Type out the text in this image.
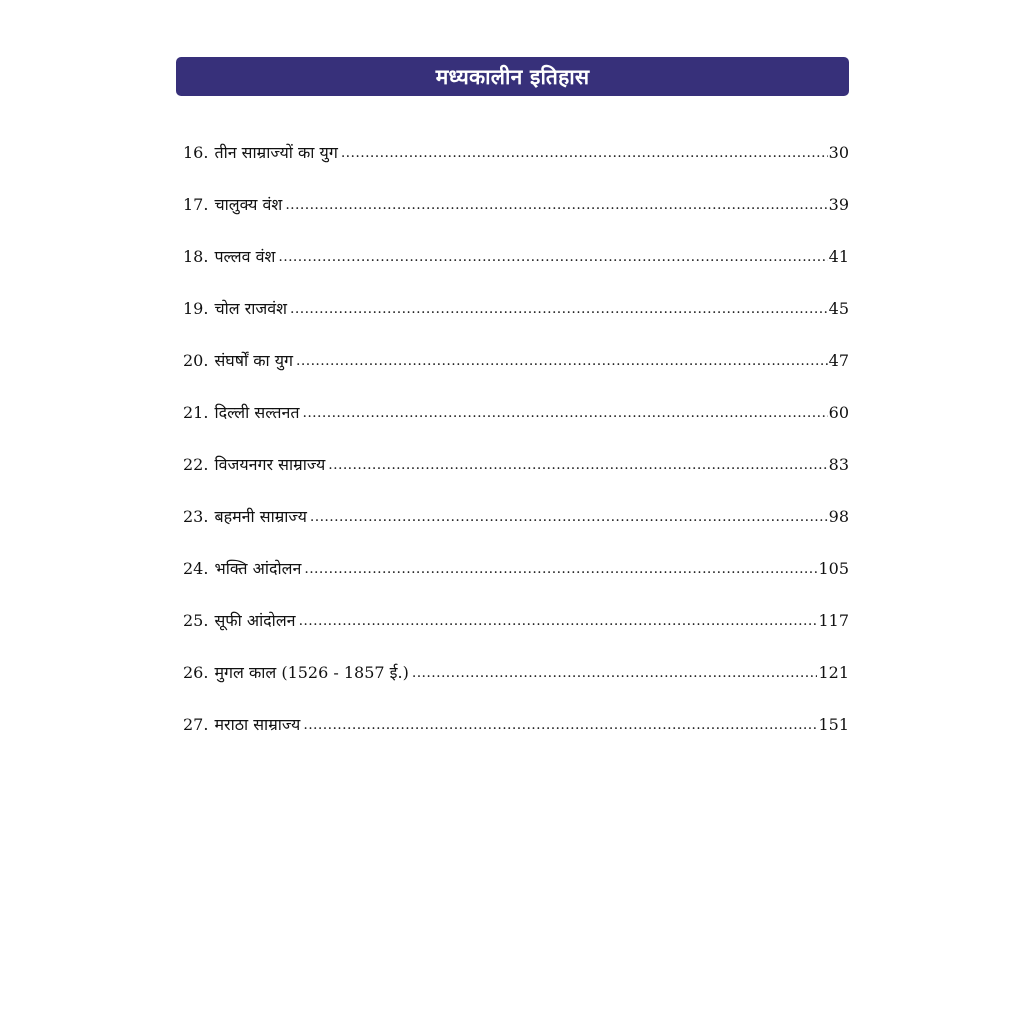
मध्यकालीन इतिहास
16. तीन साम्राज्यों का युग .....	30
17. चालुक्य वंश .....	39
18. पल्लव वंश .....	41
19. चोल राजवंश .....	45
20. संघर्षों का युग .....	47
21. दिल्ली सल्तनत .....	60
22. विजयनगर साम्राज्य .....	83
23. बहमनी साम्राज्य .....	98
24. भक्ति आंदोलन .....	105
25. सूफी आंदोलन .....	117
26. मुगल काल (1526 - 1857 ई.) .....	121
27. मराठा साम्राज्य .....	151
